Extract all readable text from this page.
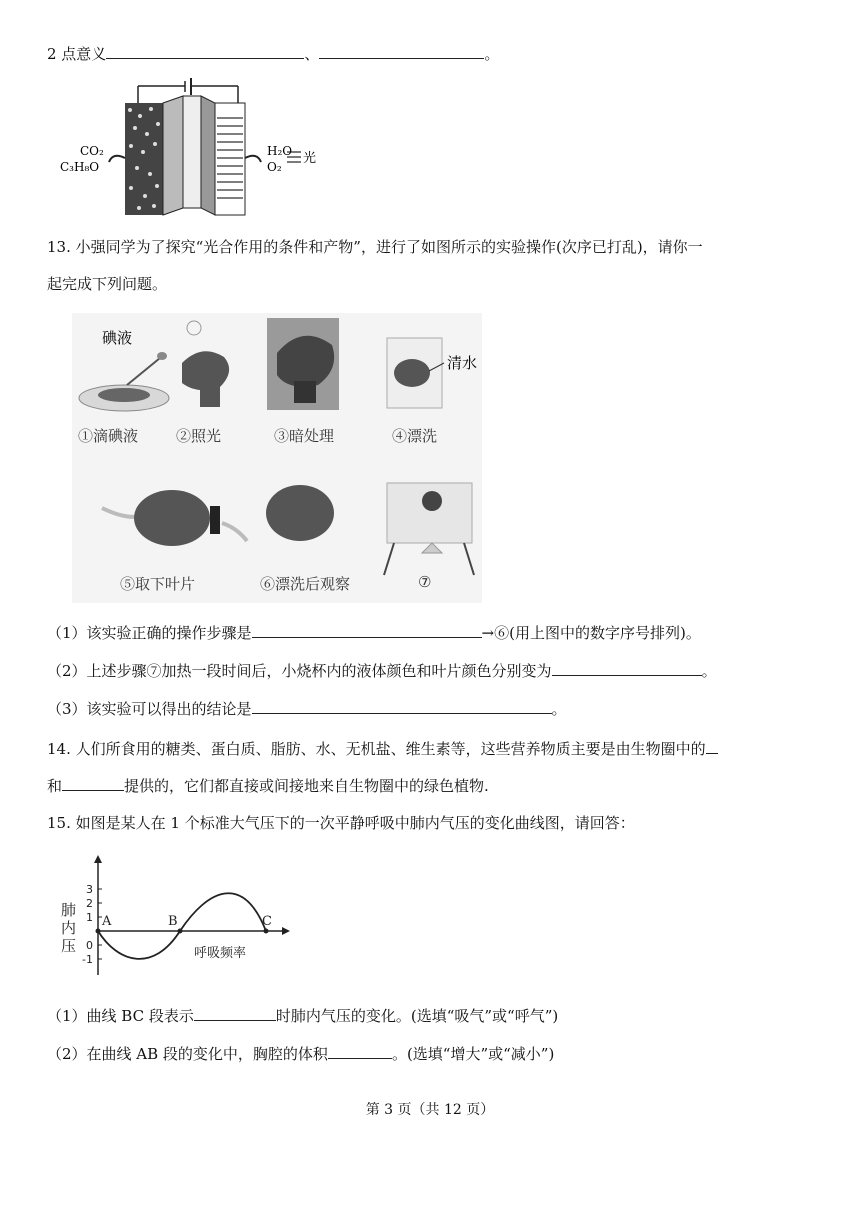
2 点意义	、	。
CO₂
C₃H₈O
H₂O
O₂
光
13. 小强同学为了探究“光合作用的条件和产物”，进行了如图所示的实验操作(次序已打乱)，请你一
起完成下列问题。
碘液
清水
①滴碘液	②照光	③暗处理	④漂洗
⑤取下叶片	⑥漂洗后观察	⑦
（1）该实验正确的操作步骤是	→⑥(用上图中的数字序号排列)。
（2）上述步骤⑦加热一段时间后，小烧杯内的液体颜色和叶片颜色分别变为	。
（3）该实验可以得出的结论是	。
14. 人们所食用的糖类、蛋白质、脂肪、水、无机盐、维生素等，这些营养物质主要是由生物圈中的
和	提供的，它们都直接或间接地来自生物圈中的绿色植物.
15. 如图是某人在 1 个标准大气压下的一次平静呼吸中肺内气压的变化曲线图，请回答：
3
2
1
0
-1
肺
内
压
A	B	C
呼吸频率
（1）曲线 BC 段表示	时肺内气压的变化。(选填“吸气”或“呼气”)
（2）在曲线 AB 段的变化中，胸腔的体积	。(选填“增大”或“减小”)
第 3 页（共 12 页）
